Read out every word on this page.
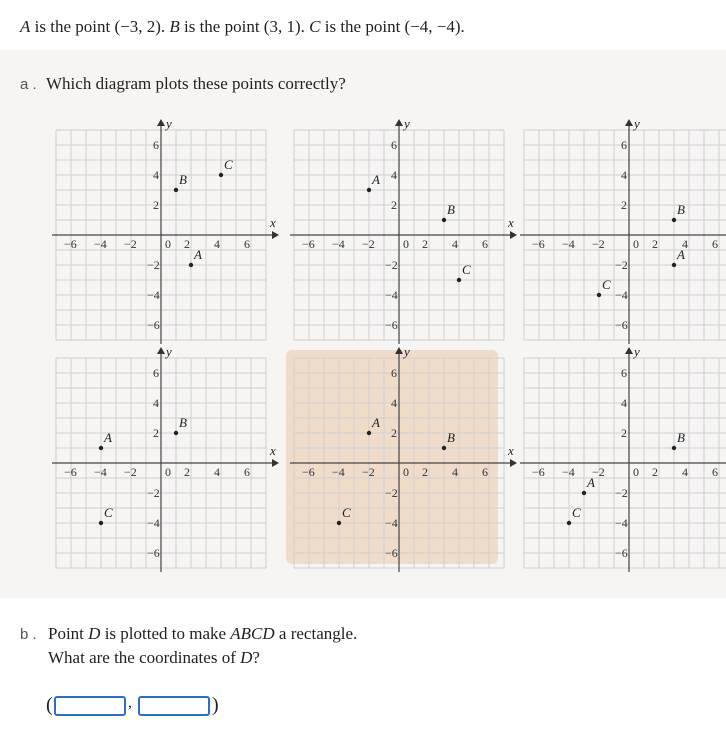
A is the point (−3, 2). B is the point (3, 1). C is the point (−4, −4).
a . Which diagram plots these points correctly?
x
y
−6 −4 −2 0 2 4 6
6
4
2
−2
−4
−6
A
B
C
x
y
−6 −4 −2 0 2 4 6
6
4
2
−2
−4
−6
A
B
C
y
−6 −4 −2 0 2 4 6
6
4
2
−2
−4
−6
A
B
C
x
y
−6 −4 −2 0 2 4 6
6
4
2
−2
−4
−6
A
B
C
x
y
−6 −4 −2 0 2 4 6
6
4
2
−2
−4
−6
A
B
C
y
−6 −4 −2 0 2 4 6
6
4
2
−2
−4
−6
A
B
C
b . Point D is plotted to make ABCD a rectangle.
What are the coordinates of D?
(	,	)
